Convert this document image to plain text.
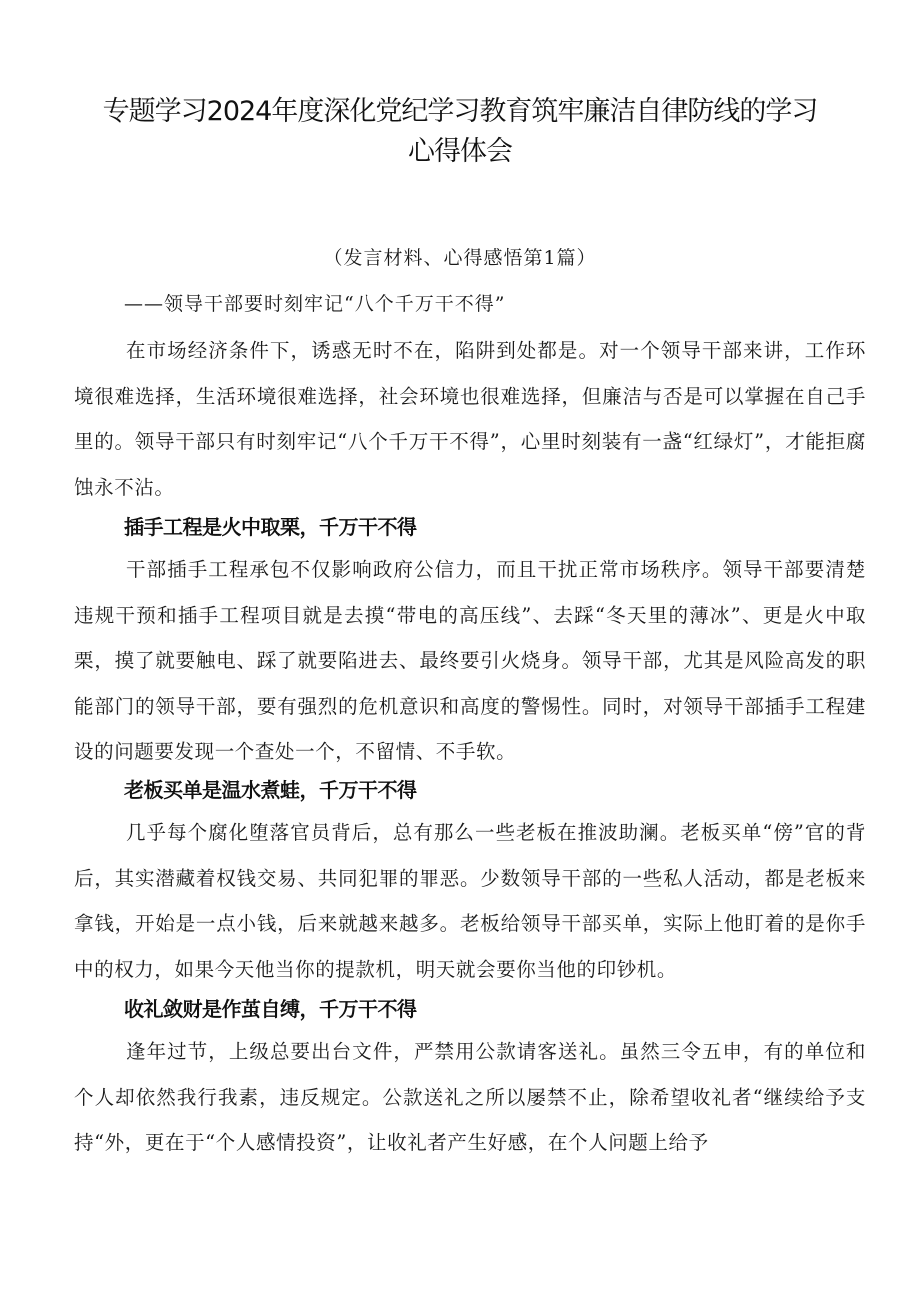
专题学习2024年度深化党纪学习教育筑牢廉洁自律防线的学习心得体会

（发言材料、心得感悟第1篇）

——领导干部要时刻牢记“八个千万干不得”

在市场经济条件下，诱惑无时不在，陷阱到处都是。对一个领导干部来讲，工作环境很难选择，生活环境很难选择，社会环境也很难选择，但廉洁与否是可以掌握在自己手里的。领导干部只有时刻牢记“八个千万干不得”，心里时刻装有一盏“红绿灯”，才能拒腐蚀永不沾。

插手工程是火中取栗，千万干不得

干部插手工程承包不仅影响政府公信力，而且干扰正常市场秩序。领导干部要清楚违规干预和插手工程项目就是去摸“带电的高压线”、去踩“冬天里的薄冰”、更是火中取栗，摸了就要触电、踩了就要陷进去、最终要引火烧身。领导干部，尤其是风险高发的职能部门的领导干部，要有强烈的危机意识和高度的警惕性。同时，对领导干部插手工程建设的问题要发现一个查处一个，不留情、不手软。

老板买单是温水煮蛙，千万干不得

几乎每个腐化堕落官员背后，总有那么一些老板在推波助澜。老板买单“傍”官的背后，其实潜藏着权钱交易、共同犯罪的罪恶。少数领导干部的一些私人活动，都是老板来拿钱，开始是一点小钱，后来就越来越多。老板给领导干部买单，实际上他盯着的是你手中的权力，如果今天他当你的提款机，明天就会要你当他的印钞机。

收礼敛财是作茧自缚，千万干不得

逢年过节，上级总要出台文件，严禁用公款请客送礼。虽然三令五申，有的单位和个人却依然我行我素，违反规定。公款送礼之所以屡禁不止，除希望收礼者“继续给予支持“外，更在于“个人感情投资”，让收礼者产生好感，在个人问题上给予
